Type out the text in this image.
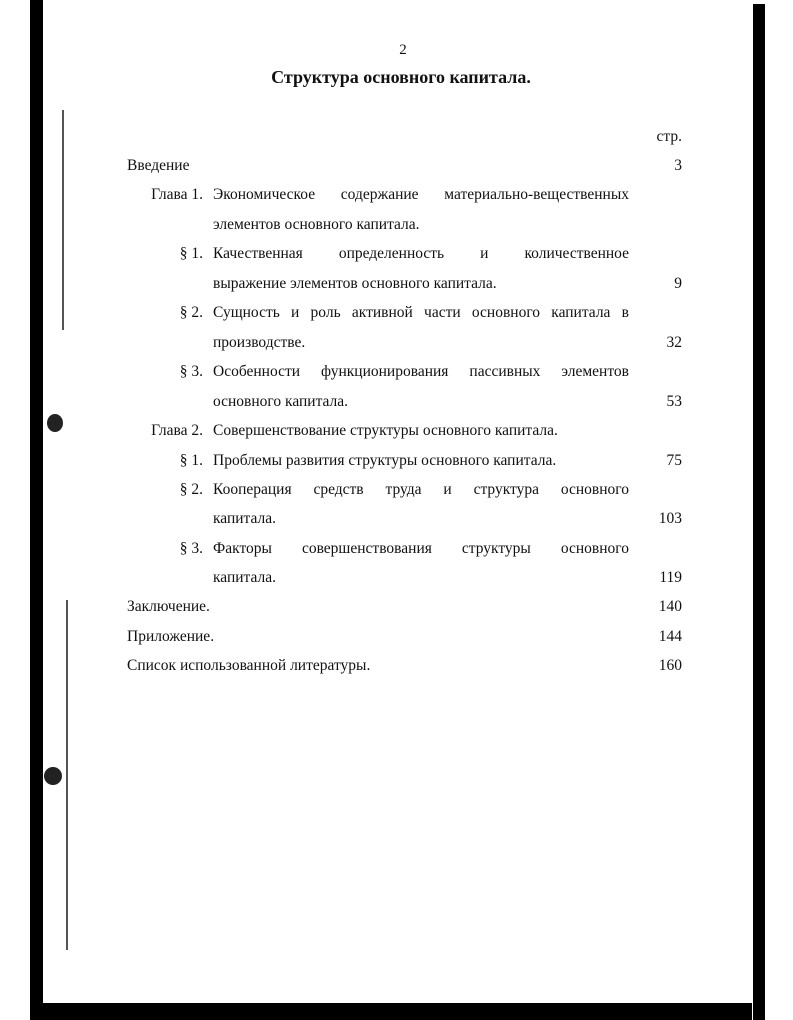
2
Структура основного капитала.
стр.
Введение	3
Глава 1. Экономическое содержание материально-вещественных
элементов основного капитала.
§ 1. Качественная определенность и количественное
выражение элементов основного капитала.	9
§ 2. Сущность и роль активной части основного капитала в
производстве.	32
§ 3. Особенности функционирования пассивных элементов
основного капитала.	53
Глава 2. Совершенствование структуры основного капитала.
§ 1. Проблемы развития структуры основного капитала.	75
§ 2. Кооперация средств труда и структура основного
капитала.	103
§ 3. Факторы совершенствования структуры основного
капитала.	119
Заключение.	140
Приложение.	144
Список использованной литературы.	160
